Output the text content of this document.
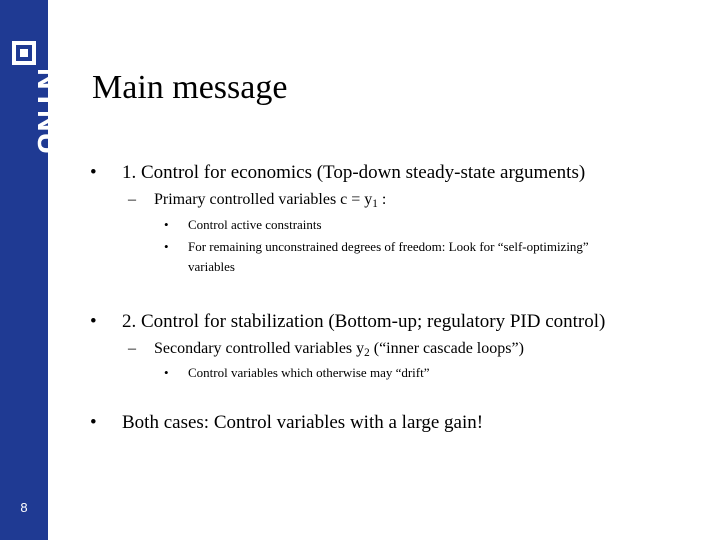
NTNU
8
Main message
• 1. Control for economics (Top-down steady-state arguments)
– Primary controlled variables $c = y_1$ :
• Control active constraints
• For remaining unconstrained degrees of freedom: Look for “self-optimizing”
variables
• 2. Control for stabilization (Bottom-up; regulatory PID control)
– Secondary controlled variables $y_2$ (“inner cascade loops”)
• Control variables which otherwise may “drift”
• Both cases: Control variables with a large gain!
